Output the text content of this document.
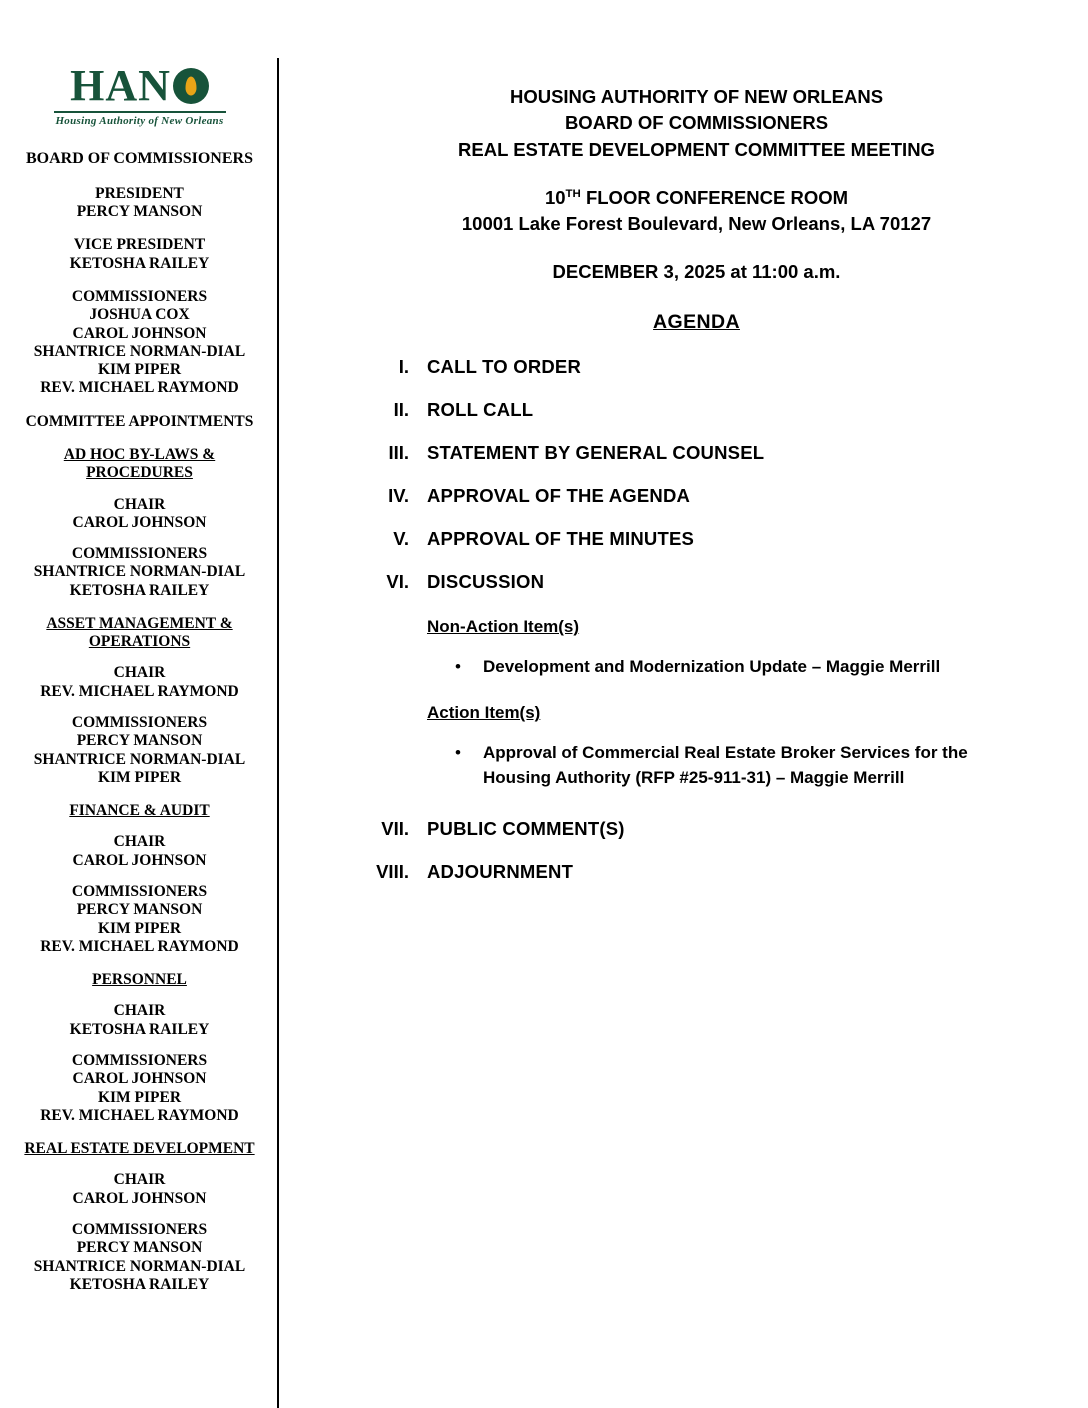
HAN
Housing Authority of New Orleans
BOARD OF COMMISSIONERS
PRESIDENT
PERCY MANSON
VICE PRESIDENT
KETOSHA RAILEY
COMMISSIONERS
JOSHUA COX
CAROL JOHNSON
SHANTRICE NORMAN-DIAL
KIM PIPER
REV. MICHAEL RAYMOND
COMMITTEE APPOINTMENTS
AD HOC BY-LAWS & PROCEDURES
CHAIR
CAROL JOHNSON
COMMISSIONERS
SHANTRICE NORMAN-DIAL
KETOSHA RAILEY
ASSET MANAGEMENT & OPERATIONS
CHAIR
REV. MICHAEL RAYMOND
COMMISSIONERS
PERCY MANSON
SHANTRICE NORMAN-DIAL
KIM PIPER
FINANCE & AUDIT
CHAIR
CAROL JOHNSON
COMMISSIONERS
PERCY MANSON
KIM PIPER
REV. MICHAEL RAYMOND
PERSONNEL
CHAIR
KETOSHA RAILEY
COMMISSIONERS
CAROL JOHNSON
KIM PIPER
REV. MICHAEL RAYMOND
REAL ESTATE DEVELOPMENT
CHAIR
CAROL JOHNSON
COMMISSIONERS
PERCY MANSON
SHANTRICE NORMAN-DIAL
KETOSHA RAILEY
HOUSING AUTHORITY OF NEW ORLEANS
BOARD OF COMMISSIONERS
REAL ESTATE DEVELOPMENT COMMITTEE MEETING
10TH FLOOR CONFERENCE ROOM
10001 Lake Forest Boulevard, New Orleans, LA 70127
DECEMBER 3, 2025 at 11:00 a.m.
AGENDA
I. CALL TO ORDER
II. ROLL CALL
III. STATEMENT BY GENERAL COUNSEL
IV. APPROVAL OF THE AGENDA
V. APPROVAL OF THE MINUTES
VI. DISCUSSION
Non-Action Item(s)
•	Development and Modernization Update – Maggie Merrill
Action Item(s)
•	Approval of Commercial Real Estate Broker Services for the Housing Authority (RFP #25-911-31) – Maggie Merrill
VII. PUBLIC COMMENT(S)
VIII. ADJOURNMENT
